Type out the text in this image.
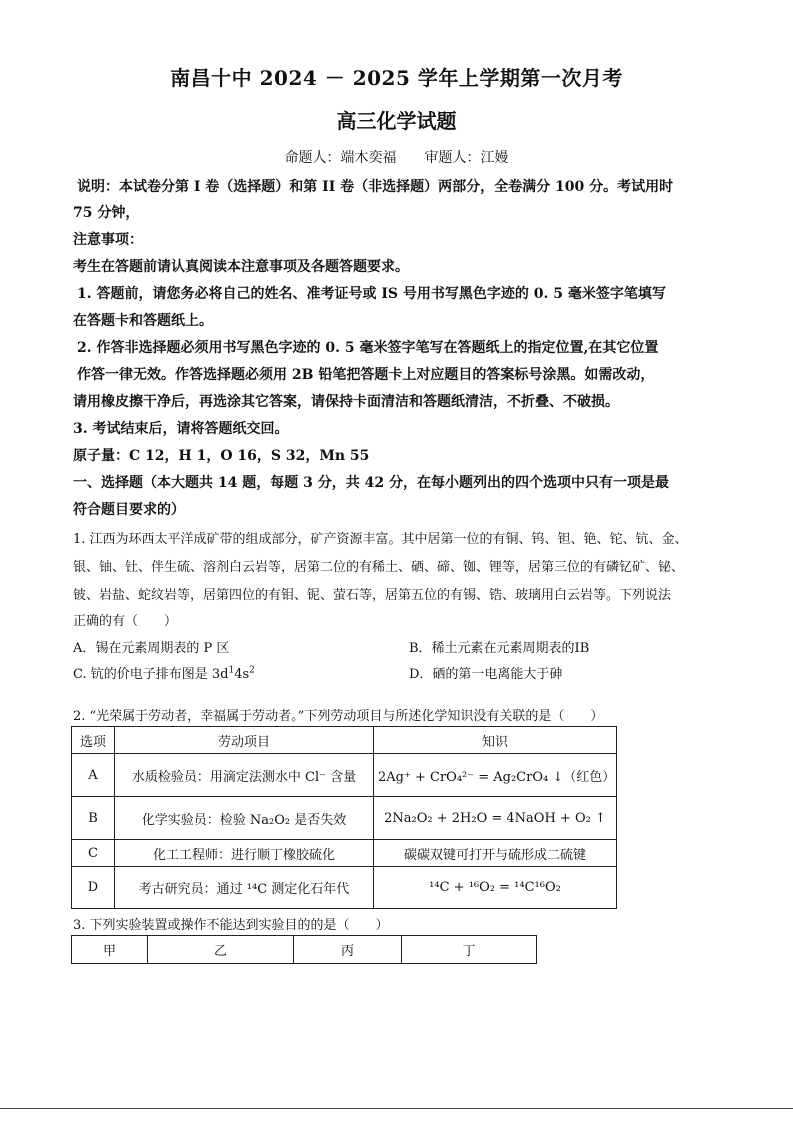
南昌十中 2024 － 2025 学年上学期第一次月考
高三化学试题
命题人：端木奕福 审题人：江嫚
说明：本试卷分第 I 卷（选择题）和第 II 卷（非选择题）两部分，全卷满分 100 分。考试用时
75 分钟，
注意事项：
考生在答题前请认真阅读本注意事项及各题答题要求。
1. 答题前，请您务必将自己的姓名、准考证号或 IS 号用书写黑色字迹的 0. 5 毫米签字笔填写
在答题卡和答题纸上。
2. 作答非选择题必须用书写黑色字迹的 0. 5 毫米签字笔写在答题纸上的指定位置,在其它位置
作答一律无效。作答选择题必须用 2B 铅笔把答题卡上对应题目的答案标号涂黑。如需改动，
请用橡皮擦干净后，再选涂其它答案，请保持卡面清洁和答题纸清洁，不折叠、不破损。
3. 考试结束后，请将答题纸交回。
原子量：C 12，H 1，O 16，S 32，Mn 55
一、选择题（本大题共 14 题，每题 3 分，共 42 分，在每小题列出的四个选项中只有一项是最
符合题目要求的）
1. 江西为环西太平洋成矿带的组成部分，矿产资源丰富。其中居第一位的有铜、钨、钽、铯、铊、钪、金、
银、铀、钍、伴生硫、溶剂白云岩等，居第二位的有稀土、硒、碲、铷、锂等，居第三位的有磷钇矿、铋、
铍、岩盐、蛇纹岩等，居第四位的有钼、铌、萤石等，居第五位的有锡、锆、玻璃用白云岩等。下列说法
正确的有（　　）
A．锡在元素周期表的 P 区	B．稀土元素在元素周期表的ⅠB
C. 钪的价电子排布图是 $3d^14s^2$	D．硒的第一电离能大于砷
2. “光荣属于劳动者，幸福属于劳动者。”下列劳动项目与所述化学知识没有关联的是（　　）
选项	劳动项目	知识
A	水质检验员：用滴定法测水中 Cl⁻ 含量	2Ag⁺ + CrO₄²⁻ = Ag₂CrO₄ ↓（红色）
B	化学实验员：检验 Na₂O₂ 是否失效	2Na₂O₂ + 2H₂O = 4NaOH + O₂ ↑
C	化工工程师：进行顺丁橡胶硫化	碳碳双键可打开与硫形成二硫键
D	考古研究员：通过 ¹⁴C 测定化石年代	¹⁴C + ¹⁶O₂ = ¹⁴C¹⁶O₂
3. 下列实验装置或操作不能达到实验目的的是（　　）
甲	乙	丙	丁
